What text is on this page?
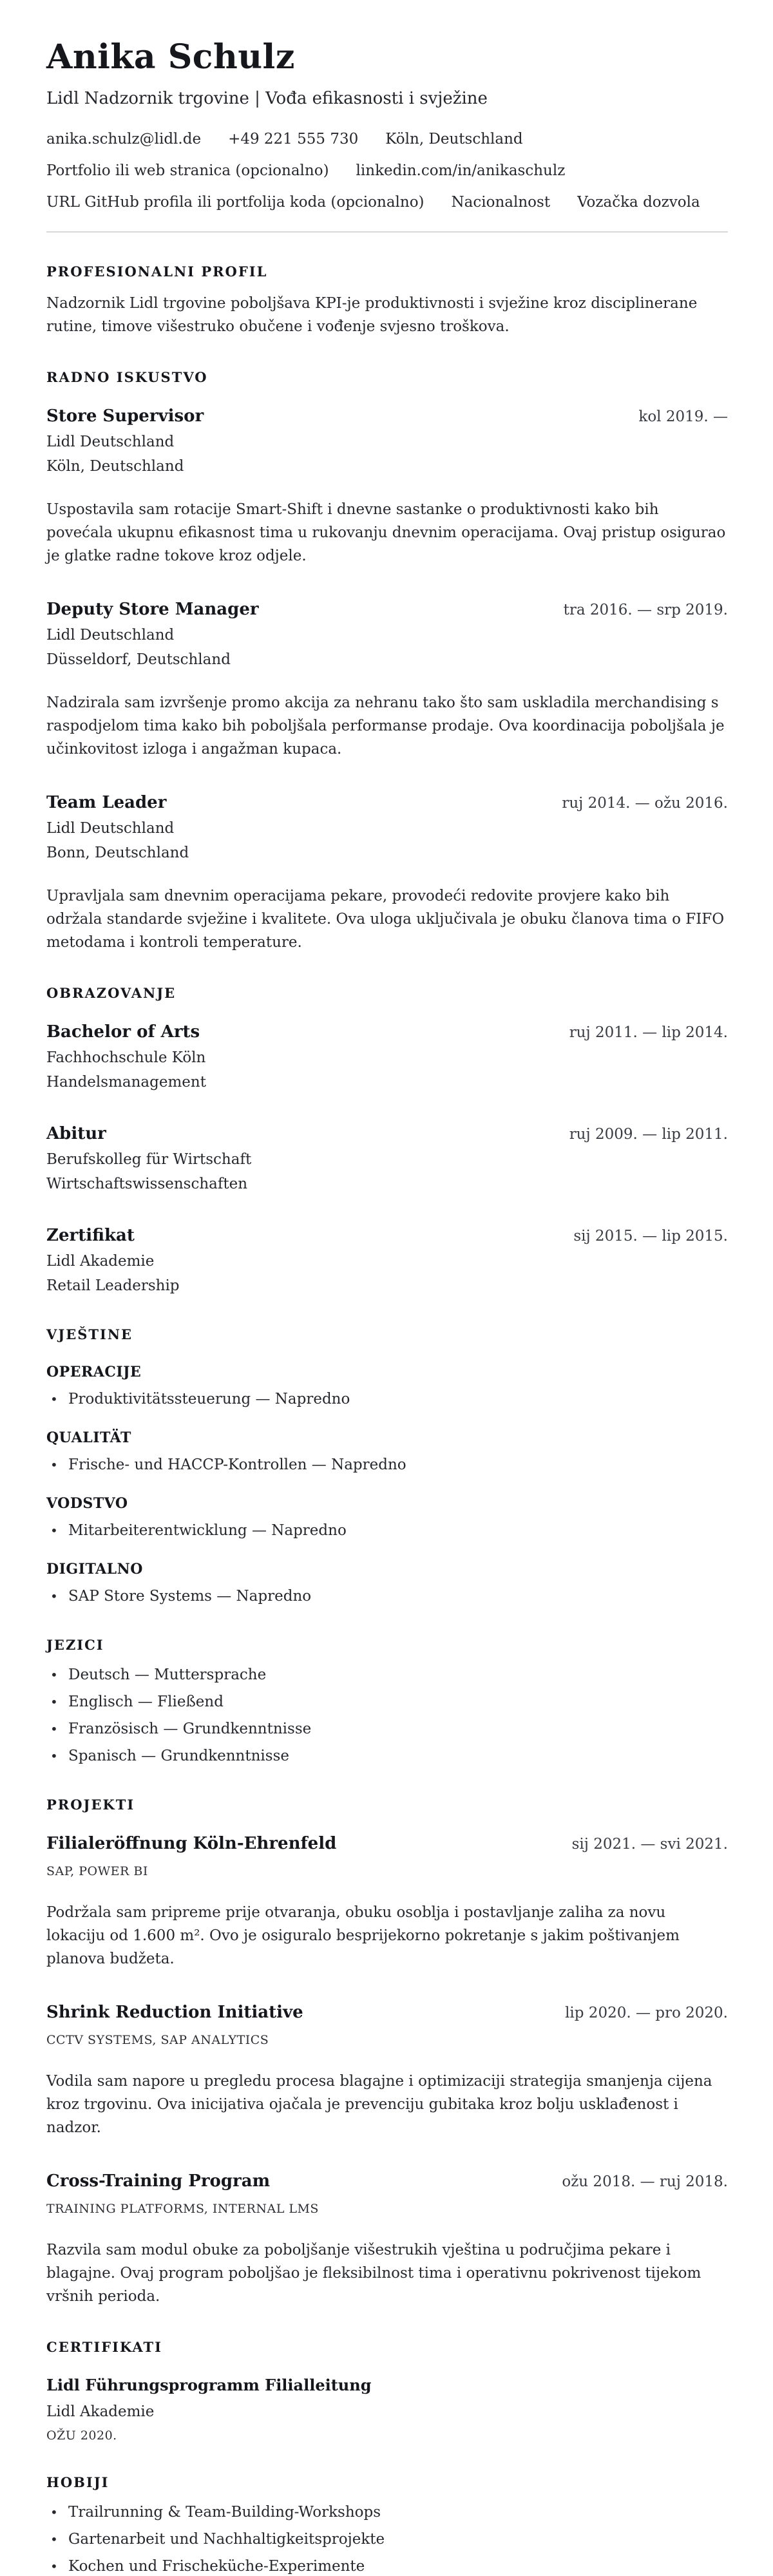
Anika Schulz
Lidl Nadzornik trgovine | Vođa efikasnosti i svježine
anika.schulz@lidl.de +49 221 555 730 Köln, Deutschland
Portfolio ili web stranica (opcionalno) linkedin.com/in/anikaschulz
URL GitHub profila ili portfolija koda (opcionalno) Nacionalnost Vozačka dozvola
PROFESIONALNI PROFIL

Nadzornik Lidl trgovine poboljšava KPI-je produktivnosti i svježine kroz disciplinerane rutine, timove višestruko obučene i vođenje svjesno troškova.

RADNO ISKUSTVO
Store Supervisor	kol 2019. —
Lidl Deutschland
Köln, Deutschland

Uspostavila sam rotacije Smart-Shift i dnevne sastanke o produktivnosti kako bih povećala ukupnu efikasnost tima u rukovanju dnevnim operacijama. Ovaj pristup osigurao je glatke radne tokove kroz odjele.

Deputy Store Manager	tra 2016. — srp 2019.
Lidl Deutschland
Düsseldorf, Deutschland

Nadzirala sam izvršenje promo akcija za nehranu tako što sam uskladila merchandising s raspodjelom tima kako bih poboljšala performanse prodaje. Ova koordinacija poboljšala je učinkovitost izloga i angažman kupaca.

Team Leader	ruj 2014. — ožu 2016.
Lidl Deutschland
Bonn, Deutschland

Upravljala sam dnevnim operacijama pekare, provodeći redovite provjere kako bih održala standarde svježine i kvalitete. Ova uloga uključivala je obuku članova tima o FIFO metodama i kontroli temperature.

OBRAZOVANJE
Bachelor of Arts	ruj 2011. — lip 2014.
Fachhochschule Köln
Handelsmanagement
Abitur	ruj 2009. — lip 2011.
Berufskolleg für Wirtschaft
Wirtschaftswissenschaften
Zertifikat	sij 2015. — lip 2015.
Lidl Akademie
Retail Leadership
VJEŠTINE
OPERACIJE
• Produktivitätssteuerung — Napredno
QUALITÄT
• Frische- und HACCP-Kontrollen — Napredno
VODSTVO
• Mitarbeiterentwicklung — Napredno
DIGITALNO
• SAP Store Systems — Napredno
JEZICI
• Deutsch — Muttersprache
• Englisch — Fließend
• Französisch — Grundkenntnisse
• Spanisch — Grundkenntnisse
PROJEKTI
Filialeröffnung Köln-Ehrenfeld	sij 2021. — svi 2021.
SAP, POWER BI

Podržala sam pripreme prije otvaranja, obuku osoblja i postavljanje zaliha za novu lokaciju od 1.600 m². Ovo je osiguralo besprijekorno pokretanje s jakim poštivanjem planova budžeta.

Shrink Reduction Initiative	lip 2020. — pro 2020.
CCTV SYSTEMS, SAP ANALYTICS

Vodila sam napore u pregledu procesa blagajne i optimizaciji strategija smanjenja cijena kroz trgovinu. Ova inicijativa ojačala je prevenciju gubitaka kroz bolju usklađenost i nadzor.

Cross-Training Program	ožu 2018. — ruj 2018.
TRAINING PLATFORMS, INTERNAL LMS

Razvila sam modul obuke za poboljšanje višestrukih vještina u područjima pekare i blagajne. Ovaj program poboljšao je fleksibilnost tima i operativnu pokrivenost tijekom vršnih perioda.

CERTIFIKATI
Lidl Führungsprogramm Filialleitung
Lidl Akademie
OŽU 2020.
HOBIJI
• Trailrunning & Team-Building-Workshops
• Gartenarbeit und Nachhaltigkeitsprojekte
• Kochen und Frischeküche-Experimente
